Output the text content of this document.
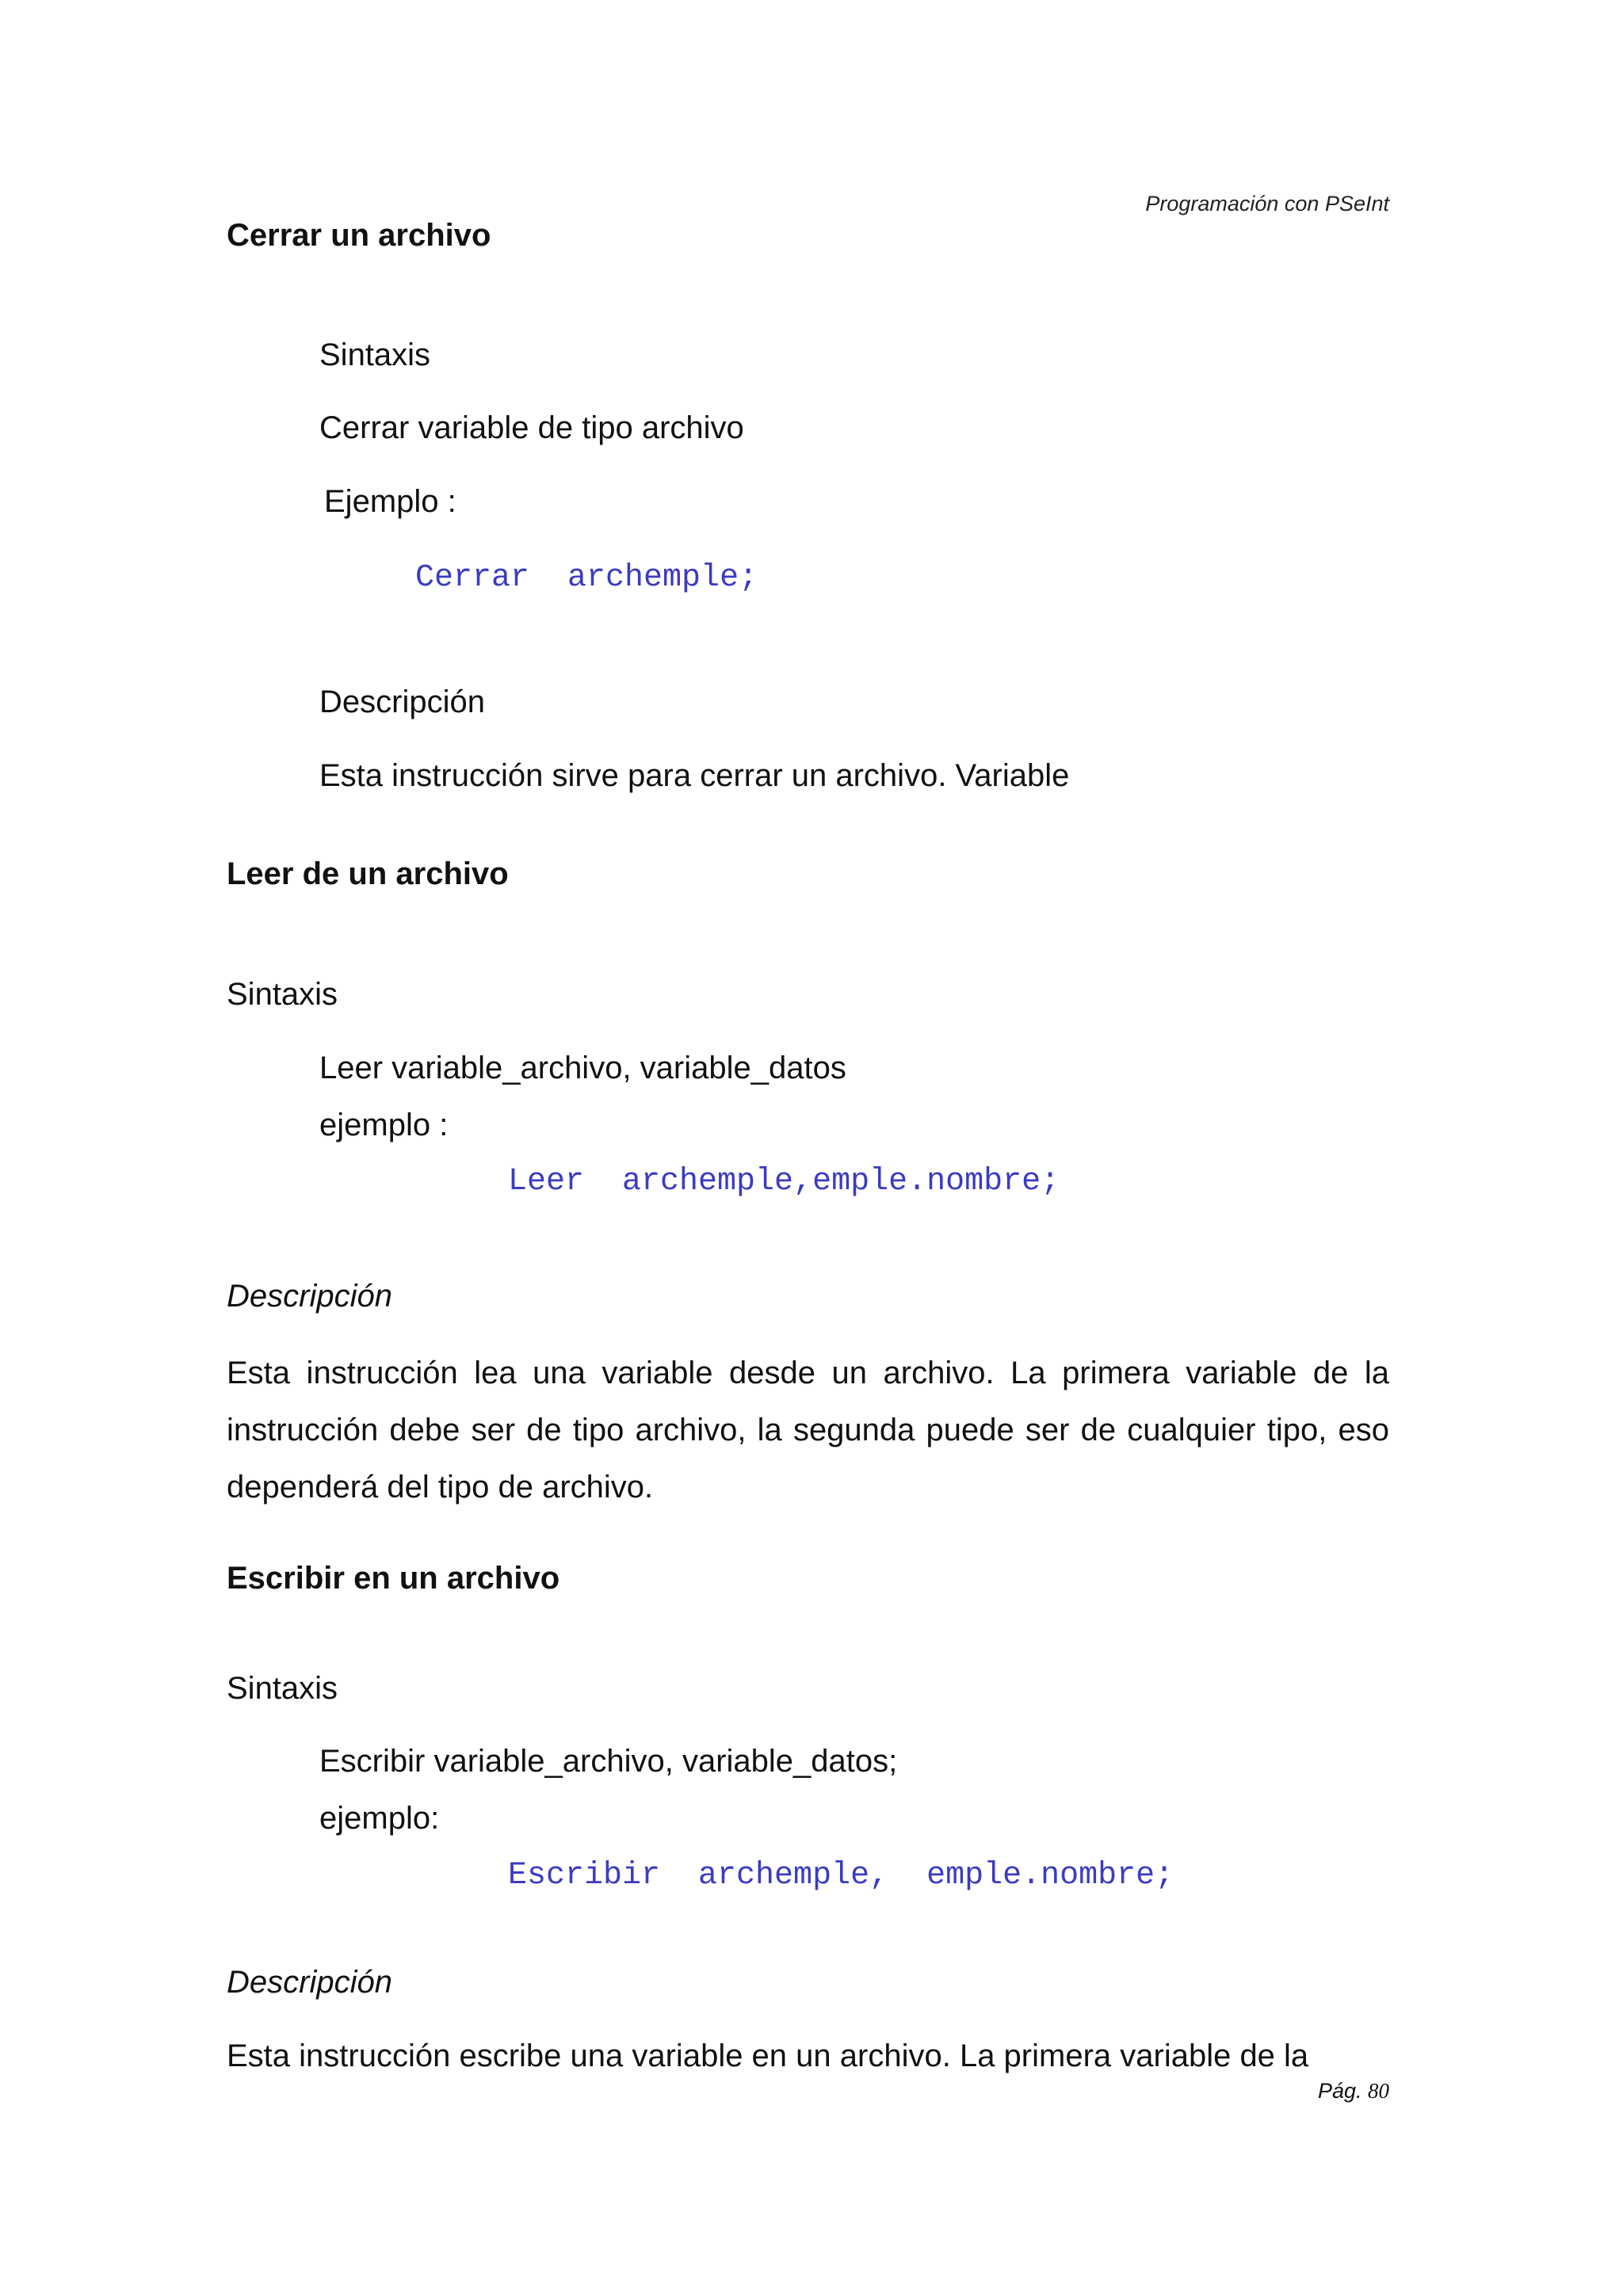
Programación con PSeInt

Cerrar un archivo

Sintaxis

Cerrar variable de tipo archivo

Ejemplo :

Cerrar  archemple;

Descripción

Esta instrucción sirve para cerrar un archivo. Variable

Leer de un archivo

Sintaxis

Leer variable_archivo, variable_datos

ejemplo :

Leer  archemple,emple.nombre;

Descripción

Esta instrucción lea una variable desde un archivo. La primera variable de la instrucción debe ser de tipo archivo, la segunda puede ser de cualquier tipo, eso dependerá del tipo de archivo.

Escribir en un archivo

Sintaxis

Escribir variable_archivo, variable_datos;

ejemplo:

Escribir  archemple,  emple.nombre;

Descripción

Esta instrucción escribe una variable en un archivo. La primera variable de la

Pág. 80
